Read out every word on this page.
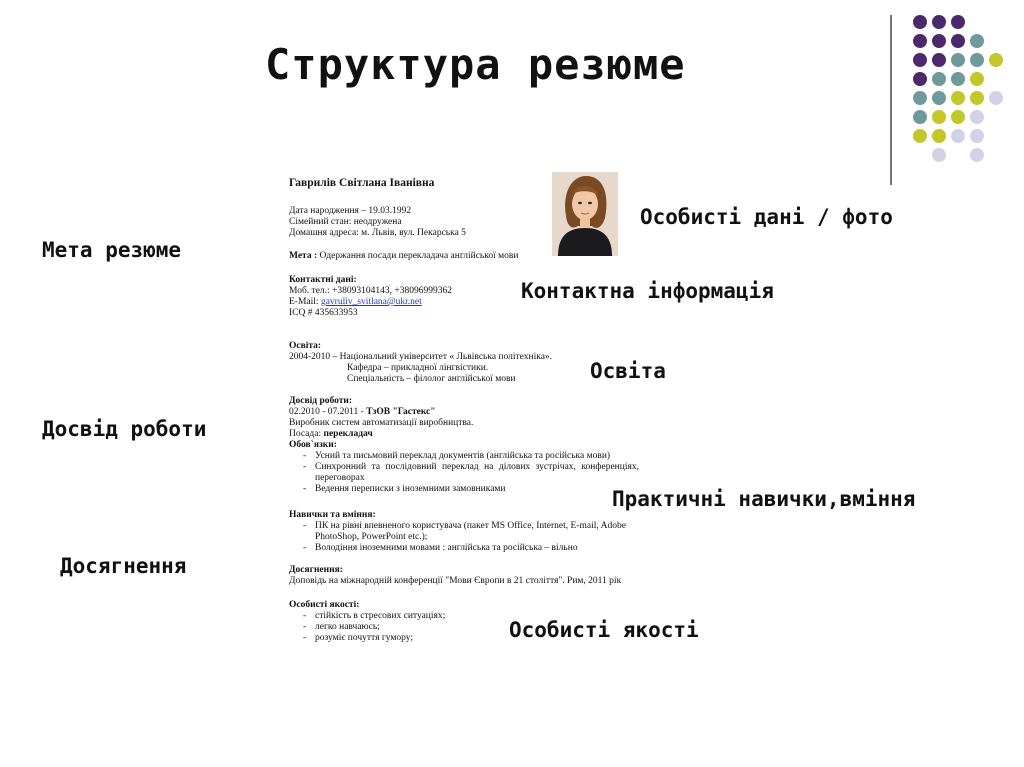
Структура резюме
Мета резюме
Досвід роботи
Досягнення
Особисті дані / фото
Контактна інформація
Освіта
Практичні навички,вміння
Особисті якості
Гаврилів Світлана Іванівна
Дата народження – 19.03.1992
Сімейний стан: неодружена
Домашня адреса: м. Львів, вул. Пекарська 5
Мета : Одержання посади перекладача англійської мови
Контактні дані:
Моб. тел.: +38093104143, +38096999362
E-Mail: gavruliv_svitlana@ukr.net
ICQ # 435633953
Освіта:
2004-2010 – Національний університет « Львівська політехніка».
Кафедра – прикладної лінгвістики.
Спеціальність – філолог англійської мови
Досвід роботи:
02.2010 - 07.2011 - ТзОВ "Гастекс"
Виробник систем автоматизації виробництва.
Посада: перекладач
Обов`язки:
- Усний та письмовий переклад документів (англійська та російська мови)
- Синхронний та послідовний переклад на ділових зустрічах, конференціях, переговорах
- Ведення переписки з іноземними замовниками
Навички та вміння:
- ПК на рівні впевненого користувача (пакет MS Office, Internet, E-mail, Adobe PhotoShop, PowerPoint etc.);
- Володіння іноземними мовами : англійська та російська – вільно
Досягнення:
Доповідь на міжнародній конференції "Мови Європи в 21 століття". Рим, 2011 рік
Особисті якості:
- стійкість в стресових ситуаціях;
- легко навчаюсь;
- розуміє почуття гумору;
